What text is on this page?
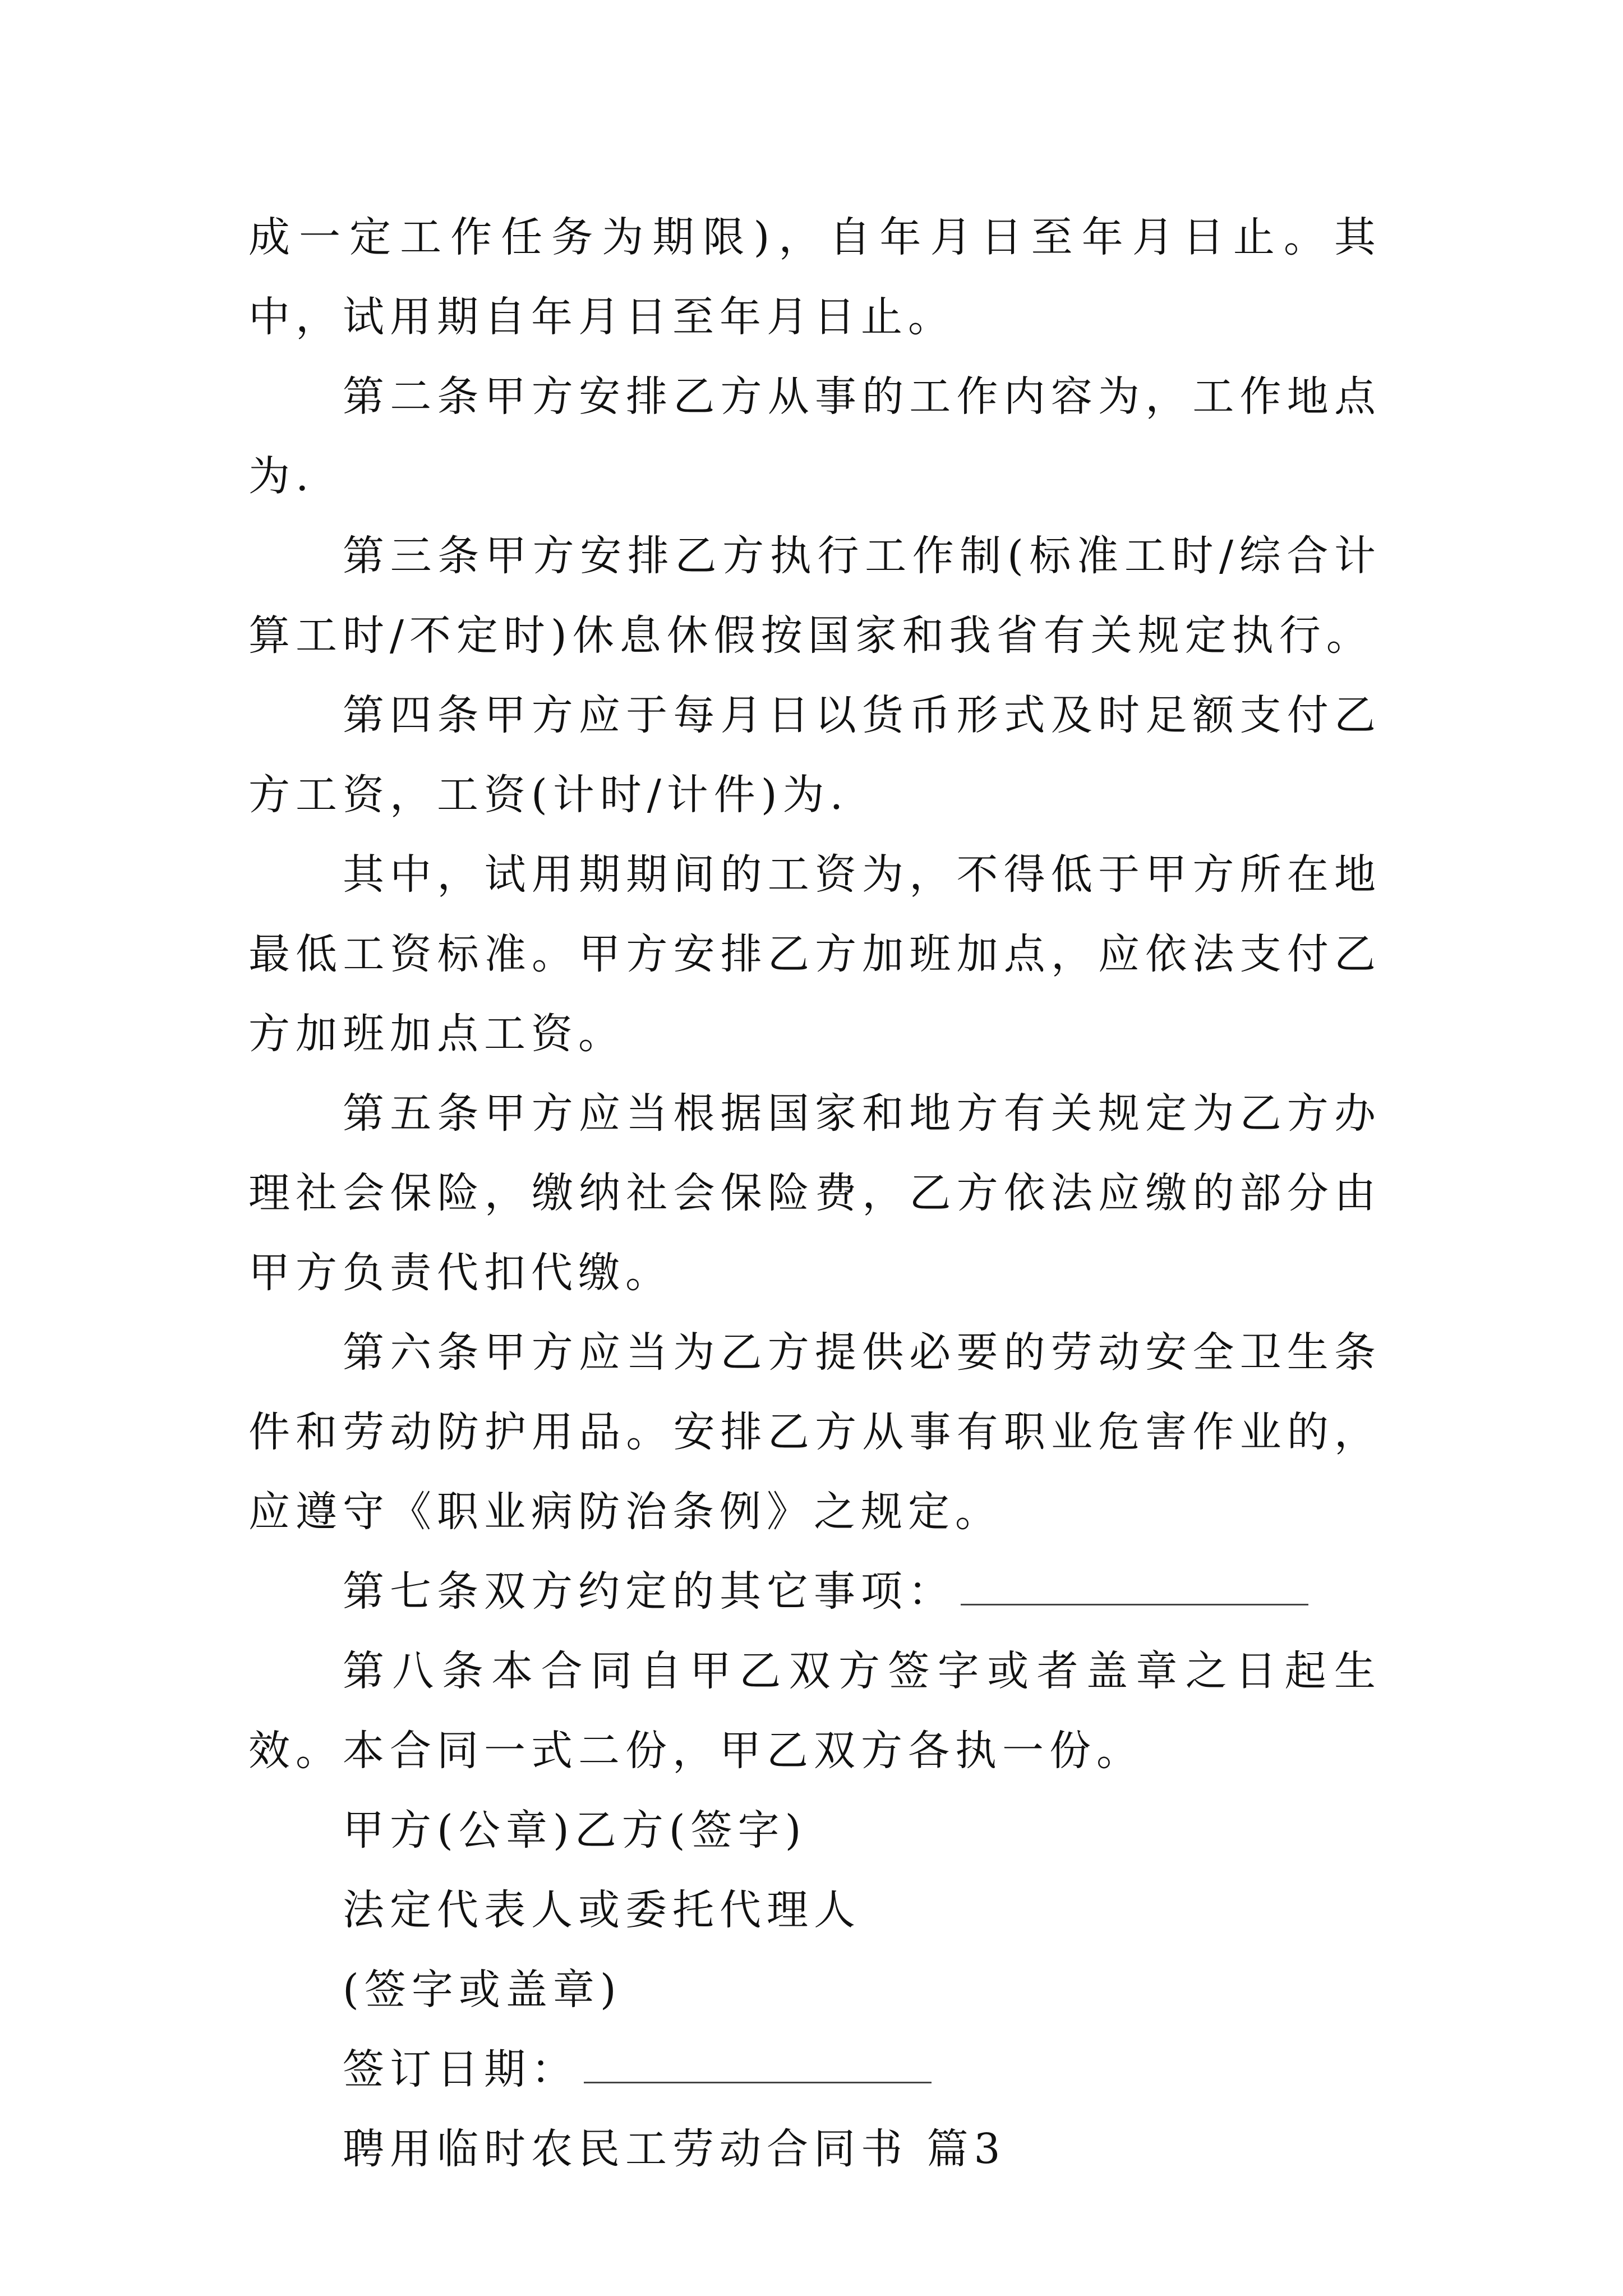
成一定工作任务为期限)，自年月日至年月日止。其中，试用期自年月日至年月日止。

第二条甲方安排乙方从事的工作内容为，工作地点为.

第三条甲方安排乙方执行工作制(标准工时/综合计算工时/不定时)休息休假按国家和我省有关规定执行。

第四条甲方应于每月日以货币形式及时足额支付乙方工资，工资(计时/计件)为.

其中，试用期期间的工资为，不得低于甲方所在地最低工资标准。甲方安排乙方加班加点，应依法支付乙方加班加点工资。

第五条甲方应当根据国家和地方有关规定为乙方办理社会保险，缴纳社会保险费，乙方依法应缴的部分由甲方负责代扣代缴。

第六条甲方应当为乙方提供必要的劳动安全卫生条件和劳动防护用品。安排乙方从事有职业危害作业的，应遵守《职业病防治条例》之规定。

第七条双方约定的其它事项：

第八条本合同自甲乙双方签字或者盖章之日起生效。本合同一式二份，甲乙双方各执一份。

甲方(公章)乙方(签字)

法定代表人或委托代理人

(签字或盖章)

签订日期：

聘用临时农民工劳动合同书 篇3
